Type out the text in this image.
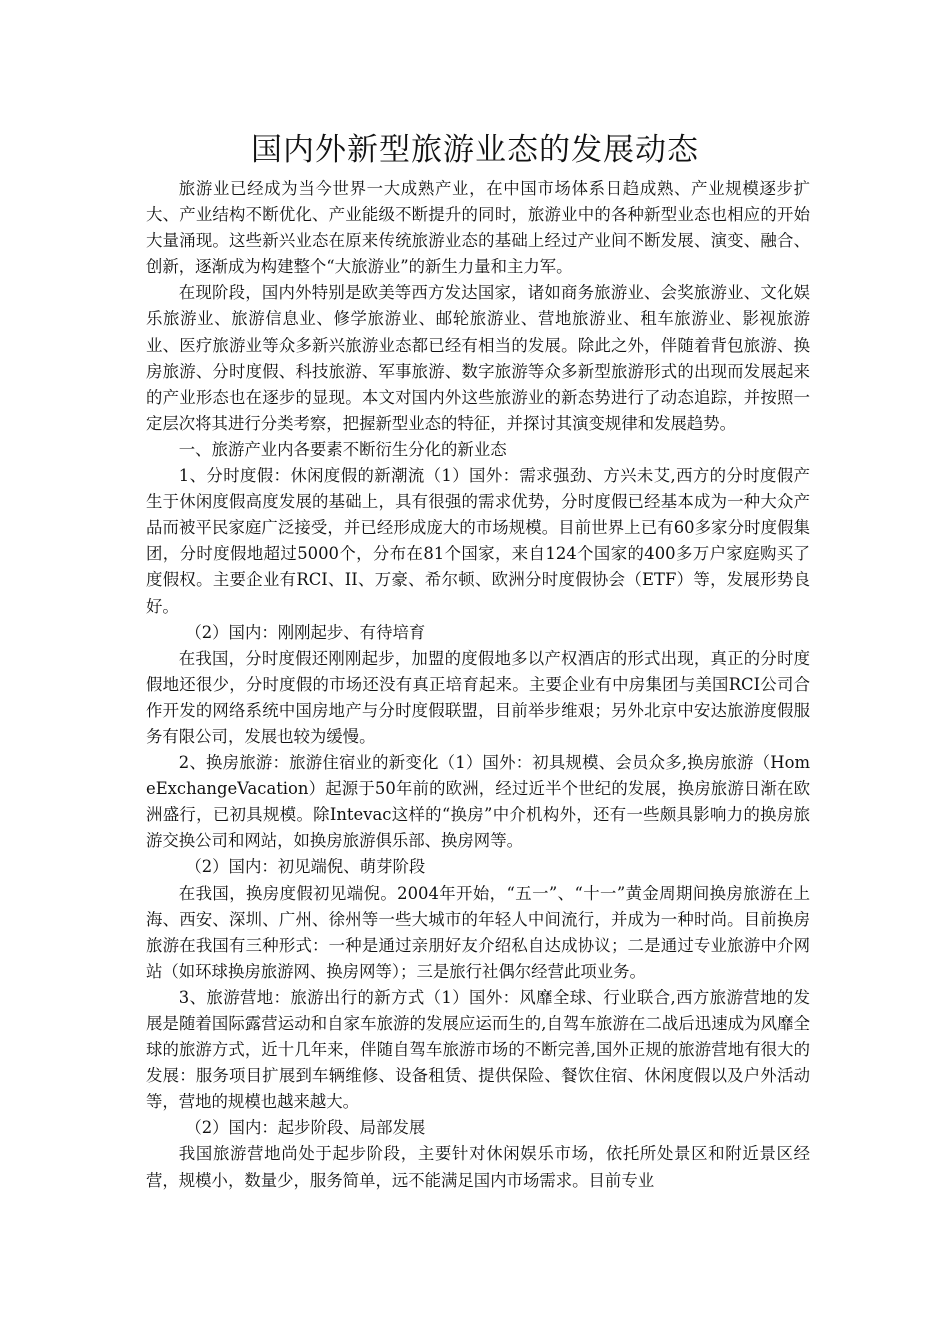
国内外新型旅游业态的发展动态

旅游业已经成为当今世界一大成熟产业，在中国市场体系日趋成熟、产业规模逐步扩大、产业结构不断优化、产业能级不断提升的同时，旅游业中的各种新型业态也相应的开始大量涌现。这些新兴业态在原来传统旅游业态的基础上经过产业间不断发展、演变、融合、创新，逐渐成为构建整个“大旅游业”的新生力量和主力军。

在现阶段，国内外特别是欧美等西方发达国家，诸如商务旅游业、会奖旅游业、文化娱乐旅游业、旅游信息业、修学旅游业、邮轮旅游业、营地旅游业、租车旅游业、影视旅游业、医疗旅游业等众多新兴旅游业态都已经有相当的发展。除此之外，伴随着背包旅游、换房旅游、分时度假、科技旅游、军事旅游、数字旅游等众多新型旅游形式的出现而发展起来的产业形态也在逐步的显现。本文对国内外这些旅游业的新态势进行了动态追踪，并按照一定层次将其进行分类考察，把握新型业态的特征，并探讨其演变规律和发展趋势。

一、旅游产业内各要素不断衍生分化的新业态

1、分时度假：休闲度假的新潮流（1）国外：需求强劲、方兴未艾,西方的分时度假产生于休闲度假高度发展的基础上，具有很强的需求优势，分时度假已经基本成为一种大众产品而被平民家庭广泛接受，并已经形成庞大的市场规模。目前世界上已有60多家分时度假集团，分时度假地超过5000个，分布在81个国家，来自124个国家的400多万户家庭购买了度假权。主要企业有RCI、II、万豪、希尔顿、欧洲分时度假协会（ETF）等，发展形势良好。

（2）国内：刚刚起步、有待培育

在我国，分时度假还刚刚起步，加盟的度假地多以产权酒店的形式出现，真正的分时度假地还很少，分时度假的市场还没有真正培育起来。主要企业有中房集团与美国RCI公司合作开发的网络系统中国房地产与分时度假联盟，目前举步维艰；另外北京中安达旅游度假服务有限公司，发展也较为缓慢。

2、换房旅游：旅游住宿业的新变化（1）国外：初具规模、会员众多,换房旅游（HomeExchangeVacation）起源于50年前的欧洲，经过近半个世纪的发展，换房旅游日渐在欧洲盛行，已初具规模。除Intevac这样的“换房”中介机构外，还有一些颇具影响力的换房旅游交换公司和网站，如换房旅游俱乐部、换房网等。

（2）国内：初见端倪、萌芽阶段

在我国，换房度假初见端倪。2004年开始，“五一”、“十一”黄金周期间换房旅游在上海、西安、深圳、广州、徐州等一些大城市的年轻人中间流行，并成为一种时尚。目前换房旅游在我国有三种形式：一种是通过亲朋好友介绍私自达成协议；二是通过专业旅游中介网站（如环球换房旅游网、换房网等）；三是旅行社偶尔经营此项业务。

3、旅游营地：旅游出行的新方式（1）国外：风靡全球、行业联合,西方旅游营地的发展是随着国际露营运动和自家车旅游的发展应运而生的,自驾车旅游在二战后迅速成为风靡全球的旅游方式，近十几年来，伴随自驾车旅游市场的不断完善,国外正规的旅游营地有很大的发展：服务项目扩展到车辆维修、设备租赁、提供保险、餐饮住宿、休闲度假以及户外活动等，营地的规模也越来越大。

（2）国内：起步阶段、局部发展

我国旅游营地尚处于起步阶段，主要针对休闲娱乐市场，依托所处景区和附近景区经营，规模小，数量少，服务简单，远不能满足国内市场需求。目前专业
